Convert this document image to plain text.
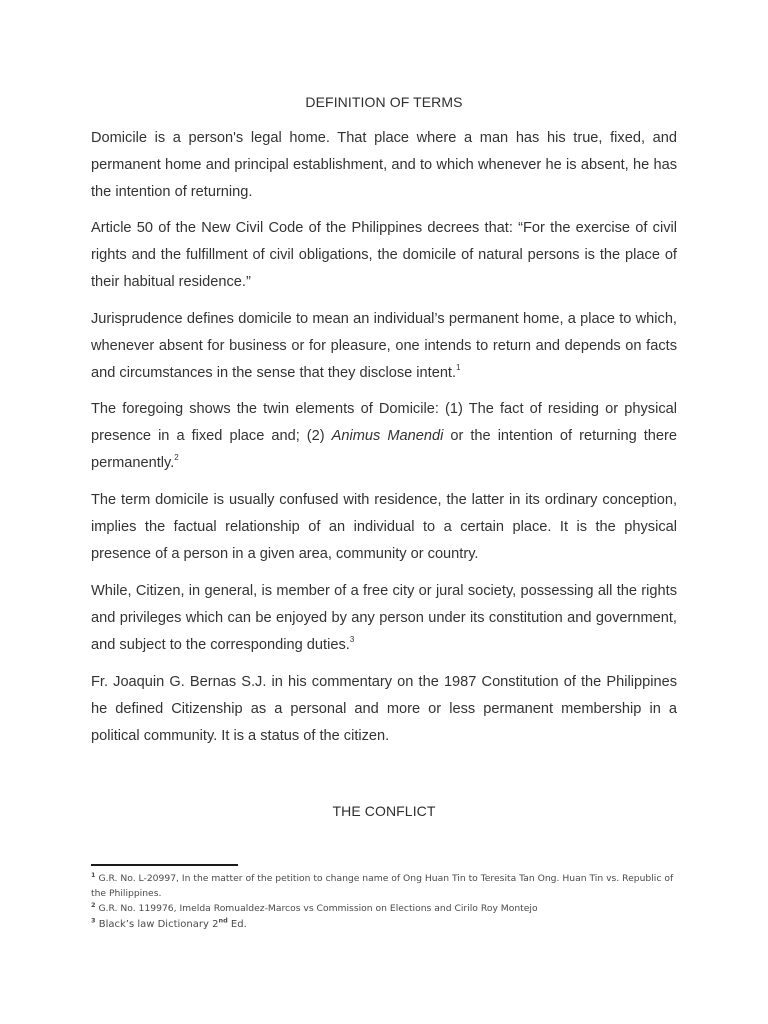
DEFINITION OF TERMS

Domicile is a person's legal home. That place where a man has his true, fixed, and permanent home and principal establishment, and to which whenever he is absent, he has the intention of returning.

Article 50 of the New Civil Code of the Philippines decrees that: “For the exercise of civil rights and the fulfillment of civil obligations, the domicile of natural persons is the place of their habitual residence.”

Jurisprudence defines domicile to mean an individual’s permanent home, a place to which, whenever absent for business or for pleasure, one intends to return and depends on facts and circumstances in the sense that they disclose intent.$^1$

The foregoing shows the twin elements of Domicile: (1) The fact of residing or physical presence in a fixed place and; (2) Animus Manendi or the intention of returning there permanently.$^2$

The term domicile is usually confused with residence, the latter in its ordinary conception, implies the factual relationship of an individual to a certain place. It is the physical presence of a person in a given area, community or country.

While, Citizen, in general, is member of a free city or jural society, possessing all the rights and privileges which can be enjoyed by any person under its constitution and government, and subject to the corresponding duties.$^3$

Fr. Joaquin G. Bernas S.J. in his commentary on the 1987 Constitution of the Philippines he defined Citizenship as a personal and more or less permanent membership in a political community. It is a status of the citizen.

THE CONFLICT

$^1$ G.R. No. L-20997, In the matter of the petition to change name of Ong Huan Tin to Teresita Tan Ong. Huan Tin vs. Republic of the Philippines.

$^2$ G.R. No. 119976, Imelda Romualdez-Marcos vs Commission on Elections and Cirilo Roy Montejo

$^3$ Black’s law Dictionary 2nd Ed.
